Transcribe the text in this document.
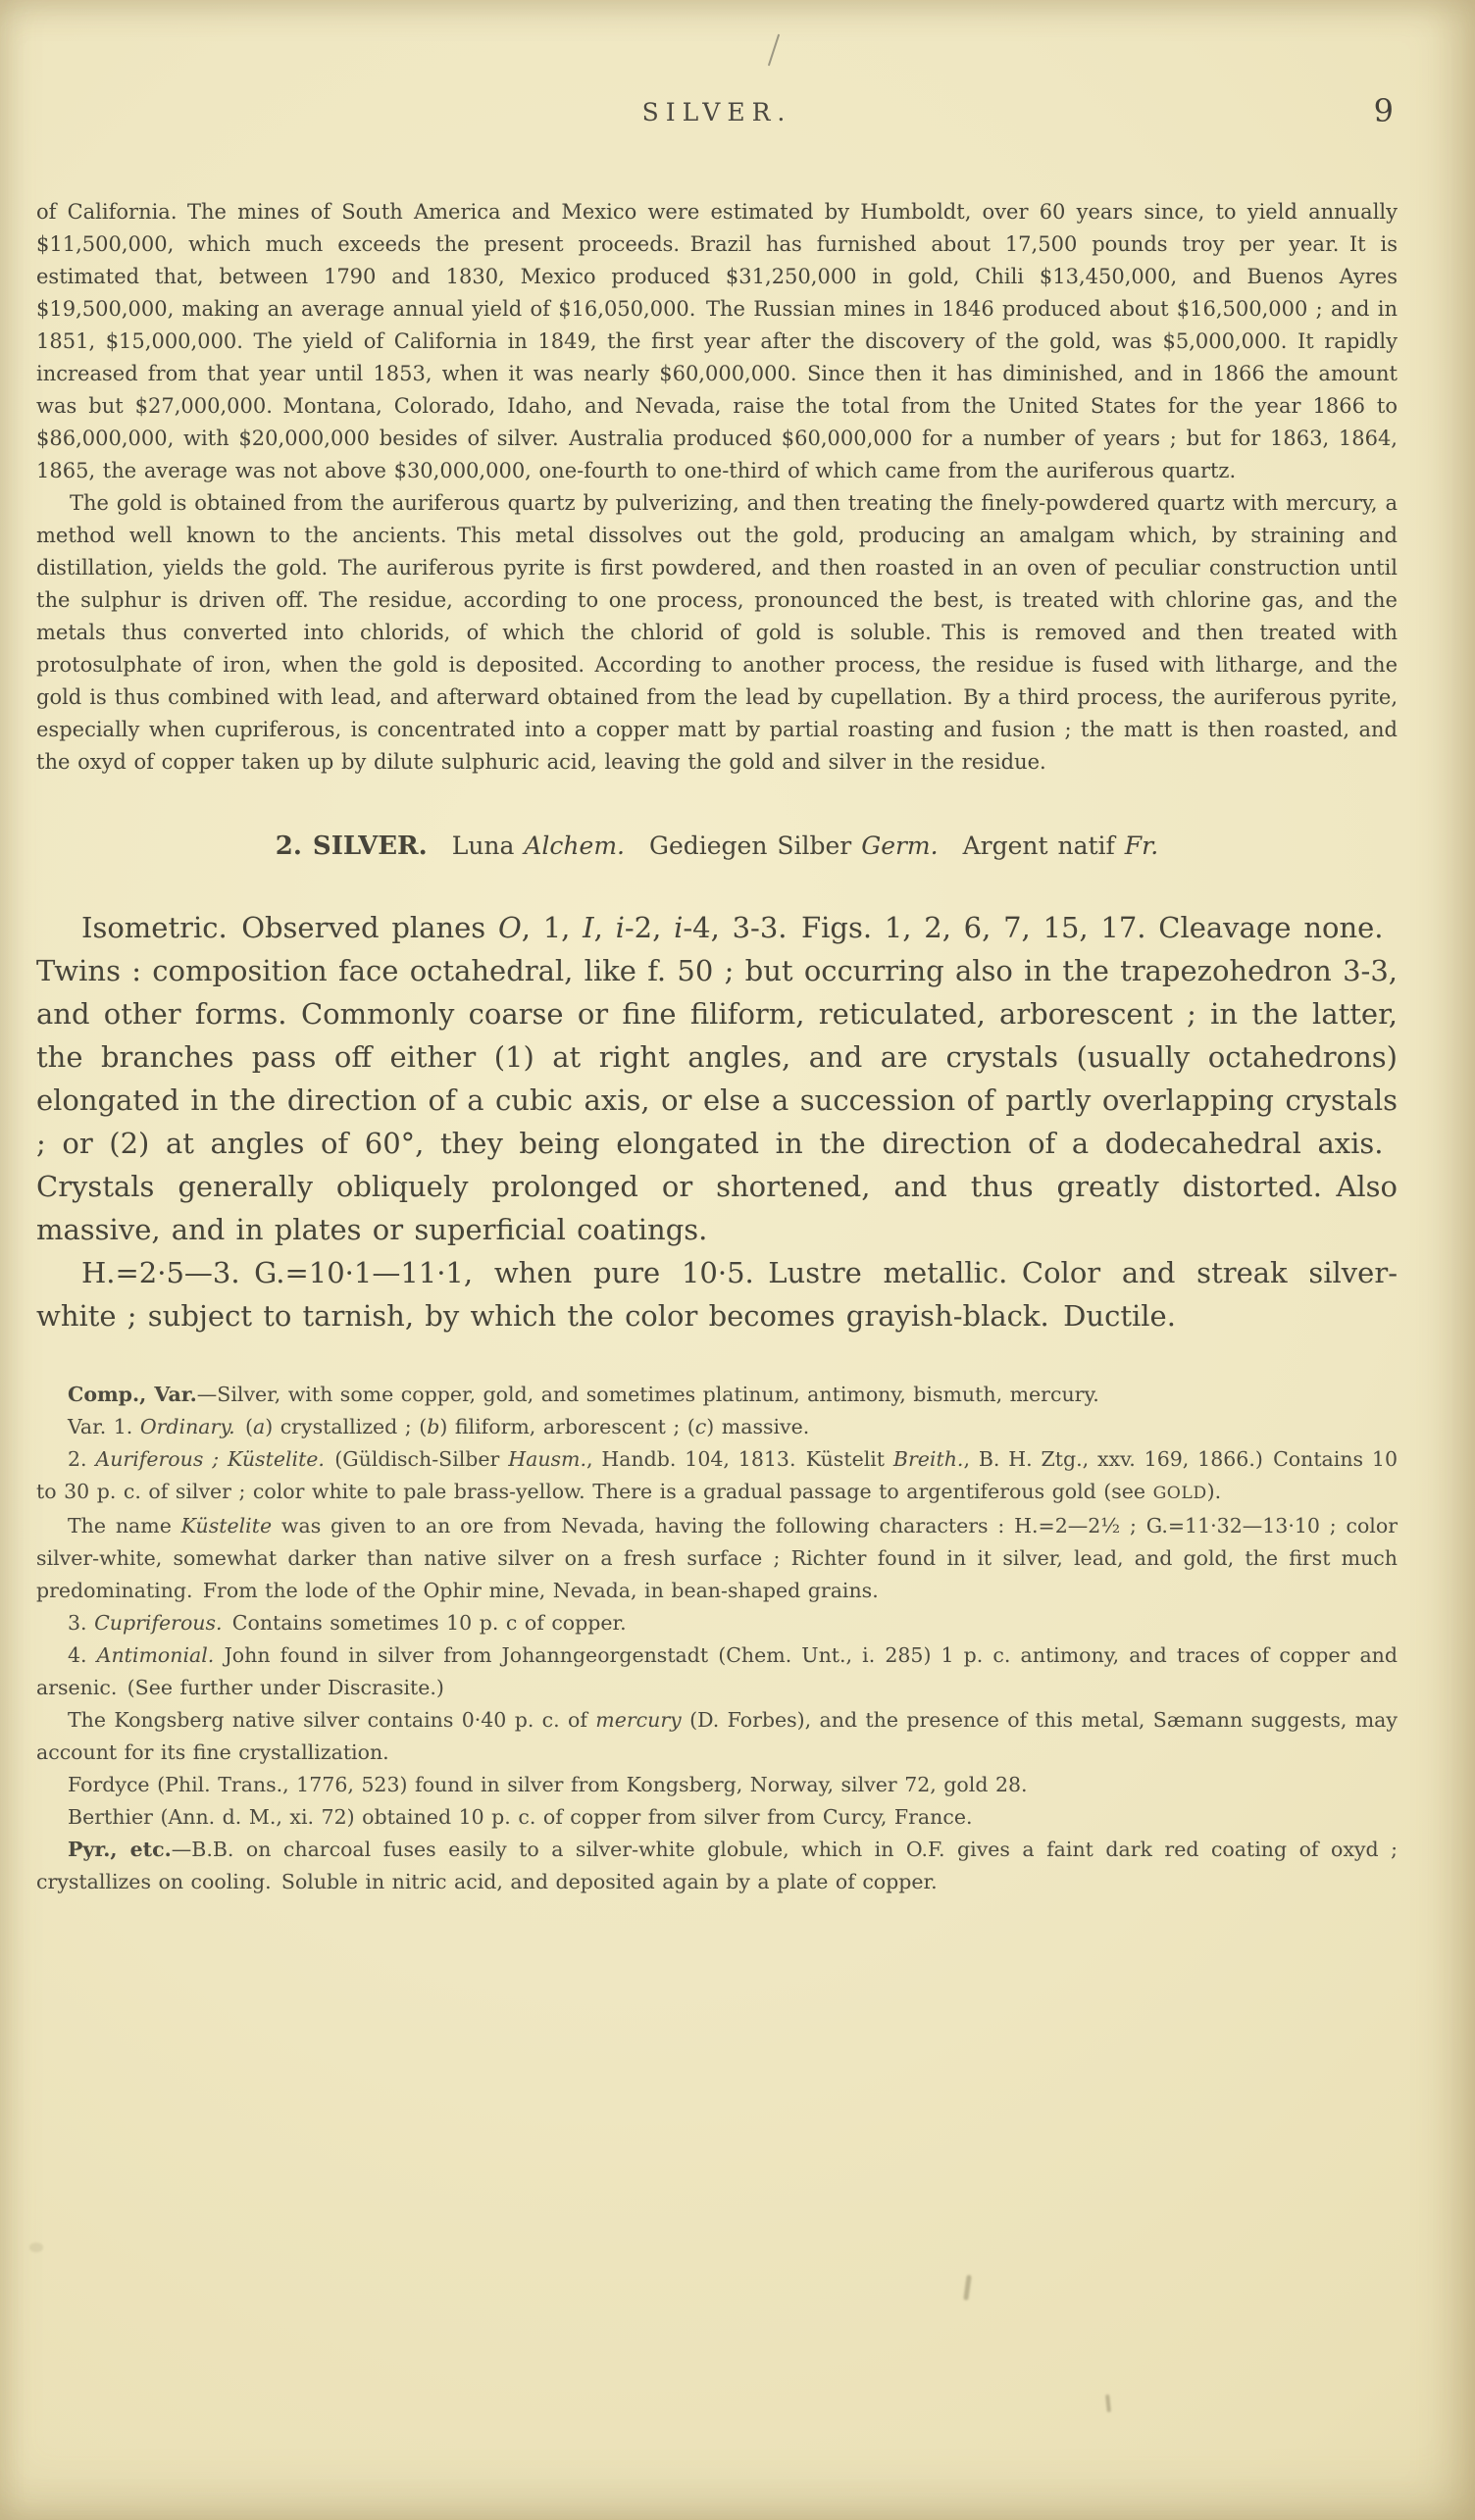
SILVER.	9

of California. The mines of South America and Mexico were estimated by Humboldt, over 60 years since, to yield annually $11,500,000, which much exceeds the present proceeds. Brazil has furnished about 17,500 pounds troy per year. It is estimated that, between 1790 and 1830, Mexico produced $31,250,000 in gold, Chili $13,450,000, and Buenos Ayres $19,500,000, making an average annual yield of $16,050,000. The Russian mines in 1846 produced about $16,500,000 ; and in 1851, $15,000,000. The yield of California in 1849, the first year after the discovery of the gold, was $5,000,000. It rapidly increased from that year until 1853, when it was nearly $60,000,000. Since then it has diminished, and in 1866 the amount was but $27,000,000. Montana, Colorado, Idaho, and Nevada, raise the total from the United States for the year 1866 to $86,000,000, with $20,000,000 besides of silver. Australia produced $60,000,000 for a number of years ; but for 1863, 1864, 1865, the average was not above $30,000,000, one-fourth to one-third of which came from the auriferous quartz.

The gold is obtained from the auriferous quartz by pulverizing, and then treating the finely-powdered quartz with mercury, a method well known to the ancients. This metal dissolves out the gold, producing an amalgam which, by straining and distillation, yields the gold. The auriferous pyrite is first powdered, and then roasted in an oven of peculiar construction until the sulphur is driven off. The residue, according to one process, pronounced the best, is treated with chlorine gas, and the metals thus converted into chlorids, of which the chlorid of gold is soluble. This is removed and then treated with protosulphate of iron, when the gold is deposited. According to another process, the residue is fused with litharge, and the gold is thus combined with lead, and afterward obtained from the lead by cupellation. By a third process, the auriferous pyrite, especially when cupriferous, is concentrated into a copper matt by partial roasting and fusion ; the matt is then roasted, and the oxyd of copper taken up by dilute sulphuric acid, leaving the gold and silver in the residue.

2. SILVER. Luna Alchem. Gediegen Silber Germ. Argent natif Fr.

Isometric. Observed planes O, 1, I, i-2, i-4, 3-3. Figs. 1, 2, 6, 7, 15, 17. Cleavage none. Twins : composition face octahedral, like f. 50 ; but occurring also in the trapezohedron 3-3, and other forms. Commonly coarse or fine filiform, reticulated, arborescent ; in the latter, the branches pass off either (1) at right angles, and are crystals (usually octahedrons) elongated in the direction of a cubic axis, or else a succession of partly overlapping crystals ; or (2) at angles of 60°, they being elongated in the direction of a dodecahedral axis. Crystals generally obliquely prolonged or shortened, and thus greatly distorted. Also massive, and in plates or superficial coatings.

H.=2·5—3. G.=10·1—11·1, when pure 10·5. Lustre metallic. Color and streak silver-white ; subject to tarnish, by which the color becomes grayish-black. Ductile.

Comp., Var.—Silver, with some copper, gold, and sometimes platinum, antimony, bismuth, mercury.

Var. 1. Ordinary. (a) crystallized ; (b) filiform, arborescent ; (c) massive.

2. Auriferous ; Küstelite. (Güldisch-Silber Hausm., Handb. 104, 1813. Küstelit Breith., B. H. Ztg., xxv. 169, 1866.) Contains 10 to 30 p. c. of silver ; color white to pale brass-yellow. There is a gradual passage to argentiferous gold (see GOLD).

The name Küstelite was given to an ore from Nevada, having the following characters : H.=2—2½ ; G.=11·32—13·10 ; color silver-white, somewhat darker than native silver on a fresh surface ; Richter found in it silver, lead, and gold, the first much predominating. From the lode of the Ophir mine, Nevada, in bean-shaped grains.

3. Cupriferous. Contains sometimes 10 p. c of copper.

4. Antimonial. John found in silver from Johanngeorgenstadt (Chem. Unt., i. 285) 1 p. c. antimony, and traces of copper and arsenic. (See further under Discrasite.)

The Kongsberg native silver contains 0·40 p. c. of mercury (D. Forbes), and the presence of this metal, Sæmann suggests, may account for its fine crystallization.

Fordyce (Phil. Trans., 1776, 523) found in silver from Kongsberg, Norway, silver 72, gold 28.

Berthier (Ann. d. M., xi. 72) obtained 10 p. c. of copper from silver from Curcy, France.

Pyr., etc.—B.B. on charcoal fuses easily to a silver-white globule, which in O.F. gives a faint dark red coating of oxyd ; crystallizes on cooling. Soluble in nitric acid, and deposited again by a plate of copper.
